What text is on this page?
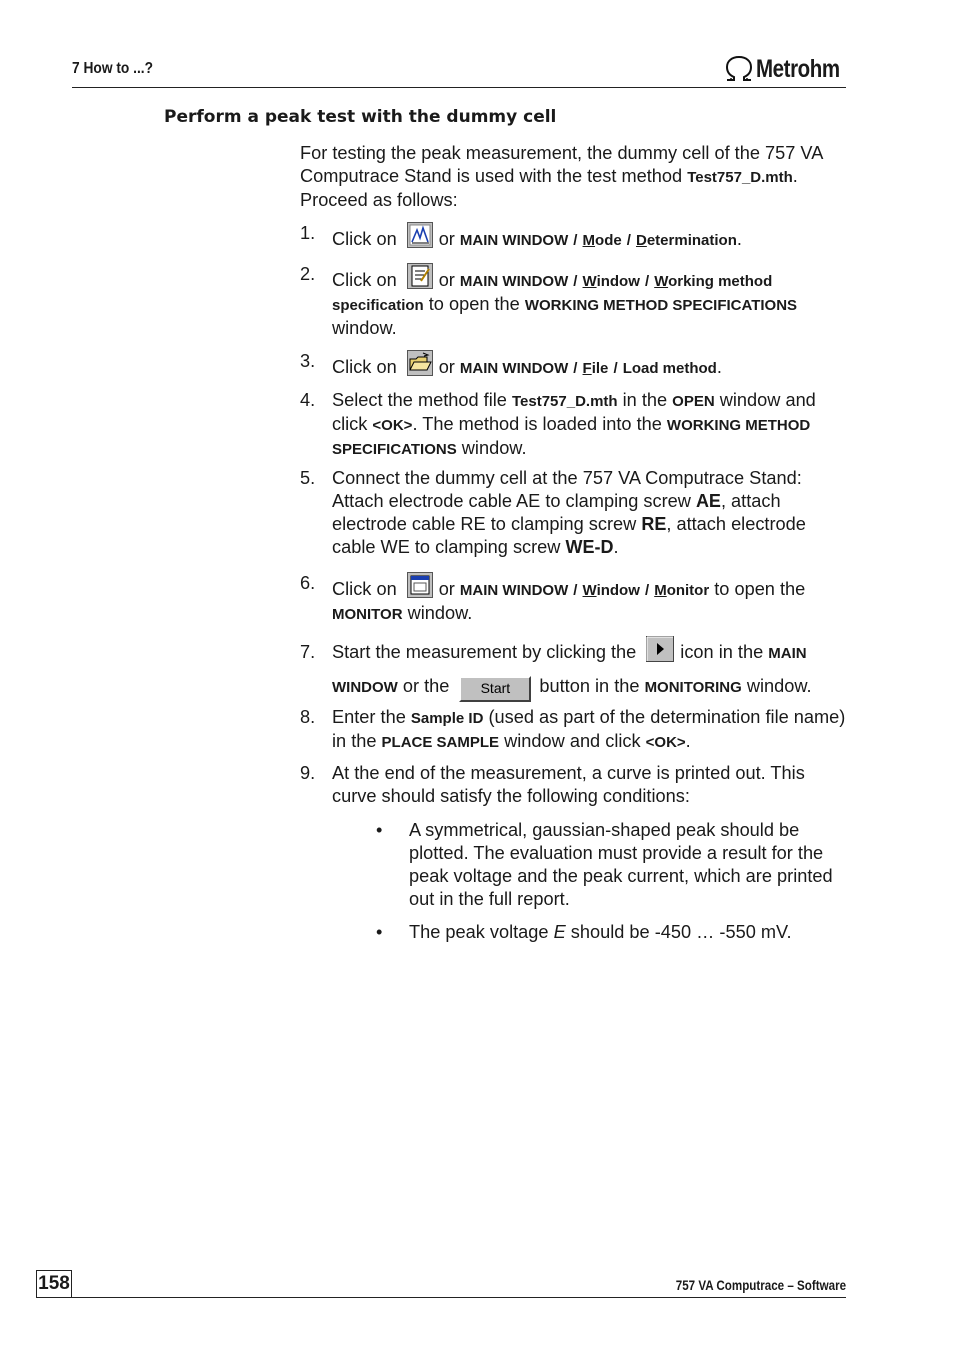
7 How to ...?	Metrohm
Perform a peak test with the dummy cell
For testing the peak measurement, the dummy cell of the 757 VA Computrace Stand is used with the test method Test757_D.mth. Proceed as follows:
1. Click on or MAIN WINDOW / Mode / Determination.
2. Click on or MAIN WINDOW / Window / Working method specification to open the WORKING METHOD SPECIFICATIONS window.
3. Click on or MAIN WINDOW / File / Load method.
4. Select the method file Test757_D.mth in the OPEN window and click <OK>. The method is loaded into the WORKING METHOD SPECIFICATIONS window.
5. Connect the dummy cell at the 757 VA Computrace Stand: Attach electrode cable AE to clamping screw AE, attach electrode cable RE to clamping screw RE, attach electrode cable WE to clamping screw WE-D.
6. Click on or MAIN WINDOW / Window / Monitor to open the MONITOR window.
7. Start the measurement by clicking the icon in the MAIN WINDOW or the Start button in the MONITORING window.
8. Enter the Sample ID (used as part of the determination file name) in the PLACE SAMPLE window and click <OK>.
9. At the end of the measurement, a curve is printed out. This curve should satisfy the following conditions:
• A symmetrical, gaussian-shaped peak should be plotted. The evaluation must provide a result for the peak voltage and the peak current, which are printed out in the full report.
• The peak voltage E should be -450 … -550 mV.
158	757 VA Computrace – Software
